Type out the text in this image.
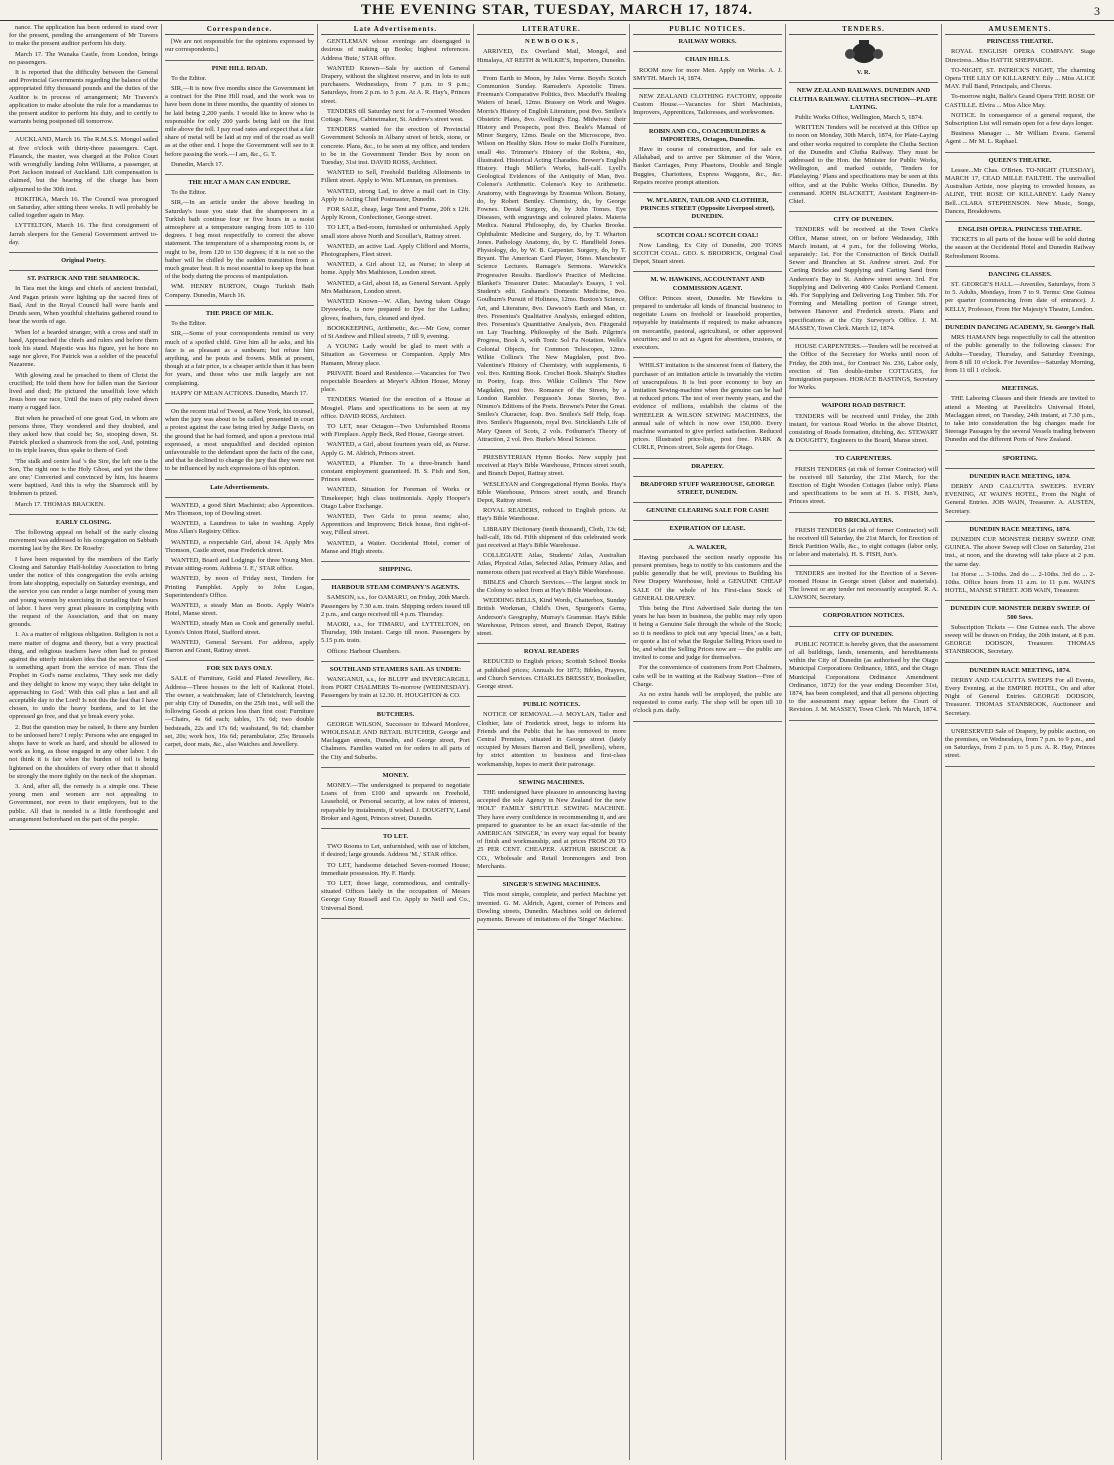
THE EVENING STAR, TUESDAY, MARCH 17, 1874.	3
nance. The application has been ordered to stand over for the present, pending the arrangement of Mr Travers to make the present auditor perform his duty.
March 17. The Wanaka Castle, from London, brings no passengers.
It is reported that the difficulty between the General and Provincial Governments regarding the balance of the appropriated fifty thousand pounds and the duties of the Auditor is in process of arrangement; Mr Travers's application to make absolute the rule for a mandamus to the present auditor to perform his duty, and to certify to warrants being postponed till tomorrow.
AUCKLAND, March 16. The R.M.S.S. Mongol sailed at five o'clock with thirty-three passengers. Capt. Flasanck, the master, was charged at the Police Court with wrongfully landing John Williams, a passenger, at Port Jackson instead of Auckland. Lift compensation is claimed, but the hearing of the charge has been adjourned to the 30th inst.
HOKITIKA, March 16. The Council was prorogued on Saturday, after sitting three weeks. It will probably be called together again in May.
LYTTELTON, March 16. The first consignment of Jarrah sleepers for the General Government arrived to-day.
Original Poetry.
ST. PATRICK AND THE SHAMROCK.
In Tara met the kings and chiefs of ancient Innisfail, And Pagan priests were lighting up the sacred fires of Baal, And in the Royal Council hall were bards and Druids seen, When youthful chieftains gathered round to hear the words of age.
When lo! a bearded stranger, with a cross and staff in hand, Approached the chiefs and rulers and before them took his stand. Majestic was his figure, yet he bore no sage nor glove, For Patrick was a soldier of the peaceful Nazarene.
With glowing zeal he preached to them of Christ the crucified; He told them how for fallen man the Saviour lived and died; He pictured the unselfish love which Jesus bore our race, Until the tears of pity rushed down many a rugged face.
But when he preached of one great God, in whom are persons three, They wondered and they doubted, and they asked how that could be; So, stooping down, St. Patrick plucked a shamrock from the sod, And, pointing to its triple leaves, thus spake to them of God:
'The stalk and centre leaf 's the Sire, the left one is the Son, The right one is the Holy Ghost, and yet the three are one;' Converted and convinced by him, his hearers were baptised, And this is why the Shamrock still by Irishmen is prized.
March 17. THOMAS BRACKEN.
EARLY CLOSING.
The following appeal on behalf of the early closing movement was addressed to his congregation on Sabbath morning last by the Rev. Dr Roseby:
I have been requested by the members of the Early Closing and Saturday Half-holiday Association to bring under the notice of this congregation the evils arising from late shopping, especially on Saturday evenings, and the service you can render a large number of young men and young women by exercising in curtailing their hours of labor. I have very great pleasure in complying with the request of the Association, and that on many grounds.
1. As a matter of religious obligation. Religion is not a mere matter of dogma and theory, but a very practical thing, and religious teachers have often had to protest against the utterly mistaken idea that the service of God is something apart from the service of man. Thus the Prophet in God's name exclaims, 'They seek me daily and they delight to know my ways; they take delight in approaching to God.' With this call plus a last and all acceptable day to the Lord! Is not this the fast that I have chosen, to undo the heavy burdens, and to let the oppressed go free, and that ye break every yoke.
2. But the question may be raised, Is there any burden to be unloosed here? I reply: Persons who are engaged in shops have to work as hard, and should be allowed to work as long, as those engaged in any other labor. I do not think it is fair when the burden of toil is being lightened on the shoulders of every other that it should be strongly the more tightly on the neck of the shopman.
3. And, after all, the remedy is a simple one. These young men and women are not appealing to Government, nor even to their employers, but to the public. All that is needed is a little forethought and arrangement beforehand on the part of the people.
Correspondence.
[We are not responsible for the opinions expressed by our correspondents.]
PINE HILL ROAD.
To the Editor.
SIR,—It is now five months since the Government let a contract for the Pine Hill road, and the work was to have been done in three months, the quantity of stones to be laid being 2,200 yards. I would like to know who is responsible for only 200 yards being laid on the first mile above the toll. I pay road rates and expect that a fair share of metal will be laid at my end of the road as well as at the other end. I hope the Government will see to it before passing the work.—I am, &c., G. T.
Dunedin, March 17.
THE HEAT A MAN CAN ENDURE.
To the Editor.
SIR,—In an article under the above heading in Saturday's issue you state that the shampooers in a Turkish bath continue four or five hours in a moist atmosphere at a temperature ranging from 105 to 110 degrees. I beg most respectfully to correct the above statement. The temperature of a shampooing room is, or ought to be, from 120 to 130 degrees; if it is not so the bather will be chilled by the sudden transition from a much greater heat. It is most essential to keep up the heat of the body during the process of manipulation.
WM. HENRY BURTON, Otago Turkish Bath Company. Dunedin, March 16.
THE PRICE OF MILK.
To the Editor.
SIR,—Some of your correspondents remind us very much of a spoiled child. Give him all he asks, and his face is as pleasant as a sunbeam; but refuse him anything, and he pouts and frowns. Milk at present, though at a fair price, is a cheaper article than it has been for years, and those who use milk largely are not complaining.
HAPPY OF MEAN ACTIONS. Dunedin, March 17.
On the recent trial of Tweed, at New York, his counsel, when the jury was about to be called, presented in court a protest against the case being tried by Judge Davis, on the ground that he had formed, and upon a previous trial expressed, a most unqualified and decided opinion unfavourable to the defendant upon the facts of the case, and that he declined to change the jury that they were not to be influenced by such expressions of his opinion.
Late Advertisements.
WANTED, a good Shirt Machinist; also Apprentices. Mrs Thomson, top of Dowling street.
WANTED, a Laundress to take in washing. Apply Miss Allan's Registry Office.
WANTED, a respectable Girl, about 14. Apply Mrs Thomson, Castle street, near Frederick street.
WANTED, Board and Lodgings for three Young Men. Private sitting-room. Address 'J. F.,' STAR office.
WANTED, by noon of Friday next, Tenders for Printing Pamphlet. Apply to John Logan, Superintendent's Office.
WANTED, a steady Man as Boots. Apply Wain's Hotel, Manse street.
WANTED, steady Man as Cook and generally useful. Lyons's Union Hotel, Stafford street.
WANTED, General Servant. For address, apply Barron and Grant, Rattray street.
FOR SIX DAYS ONLY.
SALE of Furniture, Gold and Plated Jewellery, &c. Address—Three houses to the left of Kaikorai Hotel. The owner, a watchmaker, late of Christchurch, leaving per ship City of Dunedin, on the 25th inst., will sell the following Goods at prices less than first cost: Furniture—Chairs, 4s 6d each; tables, 17s 6d; two double bedsteads, 22s and 17s 6d; washstand, 9s 6d; chamber set, 20s; work box, 16s 6d; perambulator, 25s; Brussels carpet, door mats, &c., also Watches and Jewellery.
Late Advertisements.
GENTLEMAN whose evenings are disengaged is desirous of making up Books; highest references. Address 'Bute,' STAR office.
WANTED Known—Sale by auction of General Drapery, without the slightest reserve, and in lots to suit purchasers. Wednesdays, from 7 p.m. to 9 p.m.; Saturdays, from 2 p.m. to 5 p.m. At A. R. Hay's, Princes street.
TENDERS till Saturday next for a 7-roomed Wooden Cottage. Ness, Cabinetmaker, St. Andrew's street west.
TENDERS wanted for the erection of Provincial Government Schools in Albany street of brick, stone, or concrete. Plans, &c., to be seen at my office, and tenders to be in the Government Tender Box by noon on Tuesday, 31st inst. DAVID ROSS, Architect.
WANTED to Sell, Freehold Building Allotments in Fillent street. Apply to Wm. M'Lennan, on premises.
WANTED, strong Lad, to drive a mail cart in City. Apply to Acting Chief Postmaster, Dunedin.
FOR SALE, cheap, large Tent and Frame, 20ft x 12ft. Apply Kroon, Confectioner, George street.
TO LET, a Bed-room, furnished or unfurnished. Apply small store above North and Scoullar's, Rattray street.
WANTED, an active Lad. Apply Clifford and Morris, Photographers, Fleet street.
WANTED, a Girl about 12, as Nurse; to sleep at home. Apply Mrs Mathieson, London street.
WANTED, a Girl, about 18, as General Servant. Apply Mrs Mathieson, London street.
WANTED Known—W. Allan, having taken Otago Drysworks, is now prepared to Dye for the Ladies; gloves, feathers, furs, cleaned and dyed.
BOOKKEEPING, Arithmetic, &c.—Mr Gow, corner of St Andrew and Filleul streets, 7 till 9, evening.
A YOUNG Lady would be glad to meet with a Situation as Governess or Companion. Apply Mrs Hamann, Moray place.
PRIVATE Board and Residence.—Vacancies for Two respectable Boarders at Meyer's Albion House, Moray place.
TENDERS Wanted for the erection of a House at Mosgiel. Plans and specifications to be seen at my office. DAVID ROSS, Architect.
TO LET, near Octagon—Two Unfurnished Rooms with Fireplace. Apply Beck, Red House, George street.
WANTED, a Girl, about fourteen years old, as Nurse. Apply G. M. Aldrich, Princes street.
WANTED, a Plumber. To a three-branch hand constant employment guaranteed. H. S. Fish and Son, Princes street.
WANTED, Situation for Foreman of Works or Timekeeper; high class testimonials. Apply Hooper's Otago Labor Exchange.
WANTED, Two Girls to press seams; also, Apprentices and Improvers; Brick house, first right-of-way, Filleul street.
WANTED, a Waiter. Occidental Hotel, corner of Manse and High streets.
SHIPPING.
HARBOUR STEAM COMPANY'S AGENTS.
SAMSON, s.s., for OAMARU, on Friday, 20th March. Passengers by 7.30 a.m. train. Shipping orders issued till 2 p.m., and cargo received till 4 p.m. Thursday.
MAORI, s.s., for TIMARU, and LYTTELTON, on Thursday, 19th instant. Cargo till noon. Passengers by 5.15 p.m. train.
Offices: Harbour Chambers.
SOUTHLAND STEAMERS SAIL AS UNDER:
WANGANUI, s.s., for BLUFF and INVERCARGILL from PORT CHALMERS To-morrow (WEDNESDAY). Passengers by train at 12.30. H. HOUGHTON & CO.
BUTCHERS.
GEORGE WILSON, Successor to Edward Monlove, WHOLESALE AND RETAIL BUTCHER, George and Maclaggan streets, Dunedin, and George street, Port Chalmers. Families waited on for orders in all parts of the City and Suburbs.
MONEY.
MONEY.—The undersigned is prepared to negotiate Loans of from £100 and upwards on Freehold, Leasehold, or Personal security, at low rates of interest, repayable by instalments, if wished. J. DOUGHTY, Land Broker and Agent, Princes street, Dunedin.
TO LET.
TWO Rooms to Let, unfurnished, with use of kitchen, if desired; large grounds. Address 'M.,' STAR office.
TO LET, handsome detached Seven-roomed House; immediate possession. Hy. F. Hardy.
TO LET, those large, commodious, and centrally-situated Offices lately in the occupation of Messrs George Gray Russell and Co. Apply to Neill and Co., Universal Bond.
LITERATURE.
N E W B O O K S ,
ARRIVED, Ex Overland Mail, Mongol, and Himalaya, AT REITH & WILKIE'S, Importers, Dunedin.
From Earth to Moon, by Jules Verne. Boyd's Scotch Communion Sunday. Ramsden's Apostolic Times. Freeman's Comparative Politics, 8vo. Macduff's Healing Waters of Israel, 12mo. Brassey on Work and Wages. Morris's History of English Literature, post 8vo. Smiles's Obstetric Plates, 8vo. Avelling's Eng. Midwives: their History and Prospects, post 8vo. Beale's Manual of Minor Surgery, 12mo. Beale on the Microscope, 8vo. Wilson on Healthy Skin. How to make Doll's Furniture, small 4to. Trimmer's History of the Robins, 4to, illustrated. Historical Acting Charades. Brewer's English History. Hugh Miller's Works, half-calf. Lyell's Geological Evidences of the Antiquity of Man, 8vo. Colenso's Arithmetic. Colenso's Key to Arithmetic. Anatomy, with Engravings by Erasmus Wilson. Botany, do, by Robert Bentley. Chemistry, do, by George Fownes. Dental Surgery, do, by John Tomes. Eye Diseases, with engravings and coloured plates. Materia Medica. Natural Philosophy, do, by Charles Brooke. Ophthalmic Medicine and Surgery, do, by T. Wharton Jones. Pathology Anatomy, do, by C. Handfield Jones. Physiology, do, by W. B. Carpenter. Surgery, do, by T. Bryant. The American Card Player, 16mo. Manchester Science Lectures. Ramage's Sermons. Warwick's Progressive Results. Bardlow's Practice of Medicine. Blanket's Treasurer Dutec. Macaulay's Essays, 1 vol. Student's edit. Grahame's Domestic Medicine, 8vo. Goulburn's Pursuit of Holiness, 12mo. Buxton's Science, Art, and Literature, 8vo. Dawson's Earth and Man, cr. 8vo. Fresenius's Qualitative Analysis, enlarged edition, 8vo. Fresenius's Quantitative Analysis, 8vo. Fitzgerald on Lay Teaching. Philosophy of the Bath. Pilgrim's Progress, Book A, with Tonic Sol Fa Notation. Wells's Colonial Objects, for Common Telescopes, 12mo. Wilkie Collins's The New Magdalen, post 8vo. Valentine's History of Chemistry, with supplements, 6 vol. 8vo. Knitting Book. Crochet Book. Shairp's Studies in Poetry, fcap. 8vo. Wilkie Collins's The New Magdalen, post 8vo. Romance of the Streets, by a London Rambler. Ferguson's Jonas Stories, 8vo. Nimmo's Editions of the Poets. Browne's Peter the Great. Smiles's Character, fcap. 8vo. Smiles's Self Help, fcap. 8vo. Smiles's Huguenots, royal 8vo. Strickland's Life of Mary Queen of Scots, 2 vols. Fothurner's Theory of Attraction, 2 vol. 8vo. Burke's Moral Science.
PRESBYTERIAN Hymn Books. New supply just received at Hay's Bible Warehouse, Princes street south, and Branch Depot, Rattray street.
WESLEYAN and Congregational Hymn Books. Hay's Bible Warehouse, Princes street south, and Branch Depot, Rattray street.
ROYAL READERS, reduced to English prices. At Hay's Bible Warehouse.
LIBRARY Dictionary (tenth thousand), Cloth, 13s 6d; half-calf, 18s 6d. Fifth shipment of this celebrated work just received at Hay's Bible Warehouse.
COLLEGIATE Atlas, Students' Atlas, Australian Atlas, Physical Atlas, Selected Atlas, Primary Atlas, and numerous others just received at Hay's Bible Warehouse.
BIBLES and Church Services.—The largest stock in the Colony to select from at Hay's Bible Warehouse.
WEDDING BELLS, Kind Words, Chatterbox, Sunday British Workman, Child's Own, Spurgeon's Gems, Anderson's Geography, Murray's Grammar. Hay's Bible Warehouse, Princes street, and Branch Depot, Rattray street.
ROYAL READERS
REDUCED to English prices; Scottish School Books at published prices; Annuals for 1873; Bibles, Prayers, and Church Services. CHARLES BRESSEY, Bookseller, George street.
PUBLIC NOTICES.
NOTICE OF REMOVAL.—J. MOYLAN, Tailor and Clothier, late of Frederick street, begs to inform his Friends and the Public that he has removed to more Central Premises, situated in George street (lately occupied by Messrs Barron and Bell, jewellers), where, by strict attention to business and first-class workmanship, hopes to merit their patronage.
SEWING MACHINES.
THE undersigned have pleasure in announcing having accepted the sole Agency in New Zealand for the new 'HOLT' FAMILY SHUTTLE SEWING MACHINE. They have every confidence in recommending it, and are prepared to guarantee to be an exact fac-simile of the AMERICAN 'SINGER,' in every way equal for beauty of finish and workmanship, and at prices FROM 20 TO 25 PER CENT. CHEAPER. ARTHUR BRISCOE & CO., Wholesale and Retail Ironmongers and Iron Merchants.
SINGER'S SEWING MACHINES.
This most simple, complete, and perfect Machine yet invented. G. M. Aldrich, Agent, corner of Princes and Dowling streets, Dunedin. Machines sold on deferred payments. Beware of imitations of the 'Singer' Machine.
PUBLIC NOTICES.
RAILWAY WORKS.
CHAIN HILLS.
ROOM now for more Men. Apply on Works. A. J. SMYTH. March 14, 1874.
NEW ZEALAND CLOTHING FACTORY, opposite Custom House.—Vacancies for Shirt Machinists, Improvers, Apprentices, Tailoresses, and workwomen.
ROBIN AND CO., COACHBUILDERS & IMPORTERS, Octagon, Dunedin.
Have in course of construction, and for sale ex Allahabad, and to arrive per Skimmer of the Wave, Basket Carriages, Pony Phaetons, Double and Single Buggies, Chariottees, Express Waggons, &c., &c. Repairs receive prompt attention.
W. M'LAREN, TAILOR AND CLOTHIER, PRINCES STREET (Opposite Liverpool street), DUNEDIN.
SCOTCH COAL! SCOTCH COAL!
Now Landing, Ex City of Dunedin, 200 TONS SCOTCH COAL. GEO. S. BRODRICK, Original Coal Depot, Stuart street.
M. W. HAWKINS, ACCOUNTANT AND COMMISSION AGENT.
Office: Princes street, Dunedin. Mr Hawkins is prepared to undertake all kinds of financial business; to negotiate Loans on freehold or leasehold properties, repayable by instalments if required; to make advances on mercantile, pastoral, agricultural, or other approved securities; and to act as Agent for absentees, trustees, or executors.
WHILST imitation is the sincerest form of flattery, the purchaser of an imitation article is invariably the victim of unscrupulous. It is but poor economy to buy an imitation Sewing-machine when the genuine can be had at reduced prices. The test of over twenty years, and the evidence of millions, establish the claims of the WHEELER & WILSON SEWING MACHINES, the annual sale of which is now over 150,000. Every machine warranted to give perfect satisfaction. Reduced prices. Illustrated price-lists, post free. PARK & CURLE, Princes street, Sole agents for Otago.
DRAPERY.
BRADFORD STUFF WAREHOUSE, GEORGE STREET, DUNEDIN.
GENUINE CLEARING SALE FOR CASH!
EXPIRATION OF LEASE.
A. WALKER,
Having purchased the section nearly opposite his present premises, begs to notify to his customers and the public generally that he will, previous to Building his New Drapery Warehouse, hold a GENUINE CHEAP SALE Of the whole of his First-class Stock of GENERAL DRAPERY.
This being the First Advertised Sale during the ten years he has been in business, the public may rely upon it being a Genuine Sale through the whole of the Stock; so it is needless to pick out any 'special lines,' as a bait, or quote a list of what the Regular Selling Prices used to be, and what the Selling Prices now are — the public are invited to come and judge for themselves.
For the convenience of customers from Port Chalmers, cabs will be in waiting at the Railway Station—Free of Charge.
As no extra hands will be employed, the public are requested to come early. The shop will be open till 10 o'clock p.m. daily.
TENDERS.
V. R.
NEW ZEALAND RAILWAYS. DUNEDIN AND CLUTHA RAILWAY. CLUTHA SECTION—PLATE LAYING.
Public Works Office, Wellington, March 5, 1874.
WRITTEN Tenders will be received at this Office up to noon on Monday, 30th March, 1874, for Plate-Laying and other works required to complete the Clutha Section of the Dunedin and Clutha Railway. They must be addressed to the Hon. the Minister for Public Works, Wellington, and marked outside, 'Tenders for Platelaying.' Plans and specifications may be seen at this office, and at the Public Works Office, Dunedin. By command. JOHN BLACKETT, Assistant Engineer-in-Chief.
CITY OF DUNEDIN.
TENDERS will be received at the Town Clerk's Office, Manse street, on or before Wednesday, 18th March instant, at 4 p.m., for the following Works, separately: 1st. For the Construction of Brick Outfall Sewer and Branches at St. Andrew street. 2nd. For Carting Bricks and Supplying and Carting Sand from Anderson's Bay to St. Andrew street sewer. 3rd. For Supplying and Delivering 400 Casks Portland Cement. 4th. For Supplying and Delivering Log Timber. 5th. For Forming and Metalling portion of Grange street, between Hanover and Frederick streets. Plans and specifications at the City Surveyor's Office. J. M. MASSEY, Town Clerk. March 12, 1874.
HOUSE CARPENTERS.—Tenders will be received at the Office of the Secretary for Works until noon of Friday, the 20th inst., for Contract No. 236, Labor only, erection of Ten double-timber COTTAGES, for Immigration purposes. HORACE BASTINGS, Secretary for Works.
WAIPORI ROAD DISTRICT.
TENDERS will be received until Friday, the 20th instant, for various Road Works in the above District, consisting of Roads formation, ditching, &c. STEWART & DOUGHTY, Engineers to the Board, Manse street.
TO CARPENTERS.
FRESH TENDERS (at risk of former Contractor) will be received till Saturday, the 21st March, for the Erection of Eight Wooden Cottages (labor only). Plans and specifications to be seen at H. S. FISH, Jun's, Princes street.
TO BRICKLAYERS.
FRESH TENDERS (at risk of former Contractor) will be received till Saturday, the 21st March, for Erection of Brick Partition Walls, &c., to eight cottages (labor only, or labor and materials). H. S. FISH, Jun's.
TENDERS are invited for the Erection of a Seven-roomed House in George street (labor and materials). The lowest or any tender not necessarily accepted. R. A. LAWSON, Secretary.
CORPORATION NOTICES.
CITY OF DUNEDIN.
PUBLIC NOTICE is hereby given, that the assessment of all buildings, lands, tenements, and hereditaments within the City of Dunedin (as authorised by the Otago Municipal Corporations Ordinance, 1865, and the Otago Municipal Corporations Ordinance Amendment Ordinance, 1872) for the year ending December 31st, 1874, has been completed, and that all persons objecting to the assessment may appear before the Court of Revision. J. M. MASSEY, Town Clerk. 7th March, 1874.
AMUSEMENTS.
PRINCESS THEATRE.
ROYAL ENGLISH OPERA COMPANY. Stage Directress...Miss HATTIE SHEPPARDE.
TO-NIGHT, ST. PATRICK'S NIGHT, The charming Opera THE LILY OF KILLARNEY. Eily ... Miss ALICE MAY. Full Band, Principals, and Chorus.
To-morrow night, Balfe's Grand Opera THE ROSE OF CASTILLE. Elvira ... Miss Alice May.
NOTICE. In consequence of a general request, the Subscription List will remain open for a few days longer.
Business Manager ... Mr William Evans. General Agent ... Mr M. L. Raphael.
QUEEN'S THEATRE.
Lessee...Mr Chas. O'Brien. TO-NIGHT (TUESDAY), MARCH 17, CEAD MILLE FAILTHE. The unrivalled Australian Artiste, now playing to crowded houses, as ALINE, THE ROSE OF KILLARNEY. Lady Nancy Bell...CLARA STEPHENSON. New Music, Songs, Dances, Breakdowns.
ENGLISH OPERA. PRINCESS THEATRE.
TICKETS to all parts of the house will be sold during the season at the Occidental Hotel and Dunedin Railway Refreshment Rooms.
DANCING CLASSES.
ST. GEORGE'S HALL.—Juveniles, Saturdays, from 3 to 5. Adults, Mondays, from 7 to 9. Terms: One Guinea per quarter (commencing from date of entrance). J. KELLY, Professor, From Her Majesty's Theatre, London.
DUNEDIN DANCING ACADEMY, St. George's Hall.
MRS HAMANN begs respectfully to call the attention of the public generally to the following classes: For Adults—Tuesday, Thursday, and Saturday Evenings, from 8 till 10 o'clock. For Juveniles—Saturday Morning, from 11 till 1 o'clock.
MEETINGS.
THE Laboring Classes and their friends are invited to attend a Meeting at Pavelitch's Universal Hotel, Maclaggan street, on Tuesday, 24th instant, at 7.30 p.m., to take into consideration the big changes made for Steerage Passages by the several Vessels trading between Dunedin and the different Ports of New Zealand.
SPORTING.
DUNEDIN RACE MEETING, 1874.
DERBY AND CALCUTTA SWEEPS. EVERY EVENING, AT WAIN'S HOTEL, From the Night of General Entries. JOB WAIN, Treasurer. A. AUSTEN, Secretary.
DUNEDIN RACE MEETING, 1874.
DUNEDIN CUP. MONSTER DERBY SWEEP. ONE GUINEA. The above Sweep will Close on Saturday, 21st inst., at noon, and the drawing will take place at 2 p.m. the same day.
1st Horse ... 3-10ths. 2nd do ... 2-10ths. 3rd do ... 2-10ths. Office hours from 11 a.m. to 11 p.m. WAIN'S HOTEL, MANSE STREET. JOB WAIN, Treasurer.
DUNEDIN CUP. MONSTER DERBY SWEEP. Of 500 Sovs.
Subscription Tickets — One Guinea each. The above sweep will be drawn on Friday, the 20th instant, at 8 p.m. GEORGE DODSON, Treasurer. THOMAS STANBROOK, Secretary.
DUNEDIN RACE MEETING, 1874.
DERBY AND CALCUTTA SWEEPS For all Events, Every Evening, at the EMPIRE HOTEL, On and after Night of General Entries. GEORGE DODSON, Treasurer. THOMAS STANBROOK, Auctioneer and Secretary.
UNRESERVED Sale of Drapery, by public auction, on the premises, on Wednesdays, from 7 p.m. to 9 p.m., and on Saturdays, from 2 p.m. to 5 p.m. A. R. Hay, Princes street.
